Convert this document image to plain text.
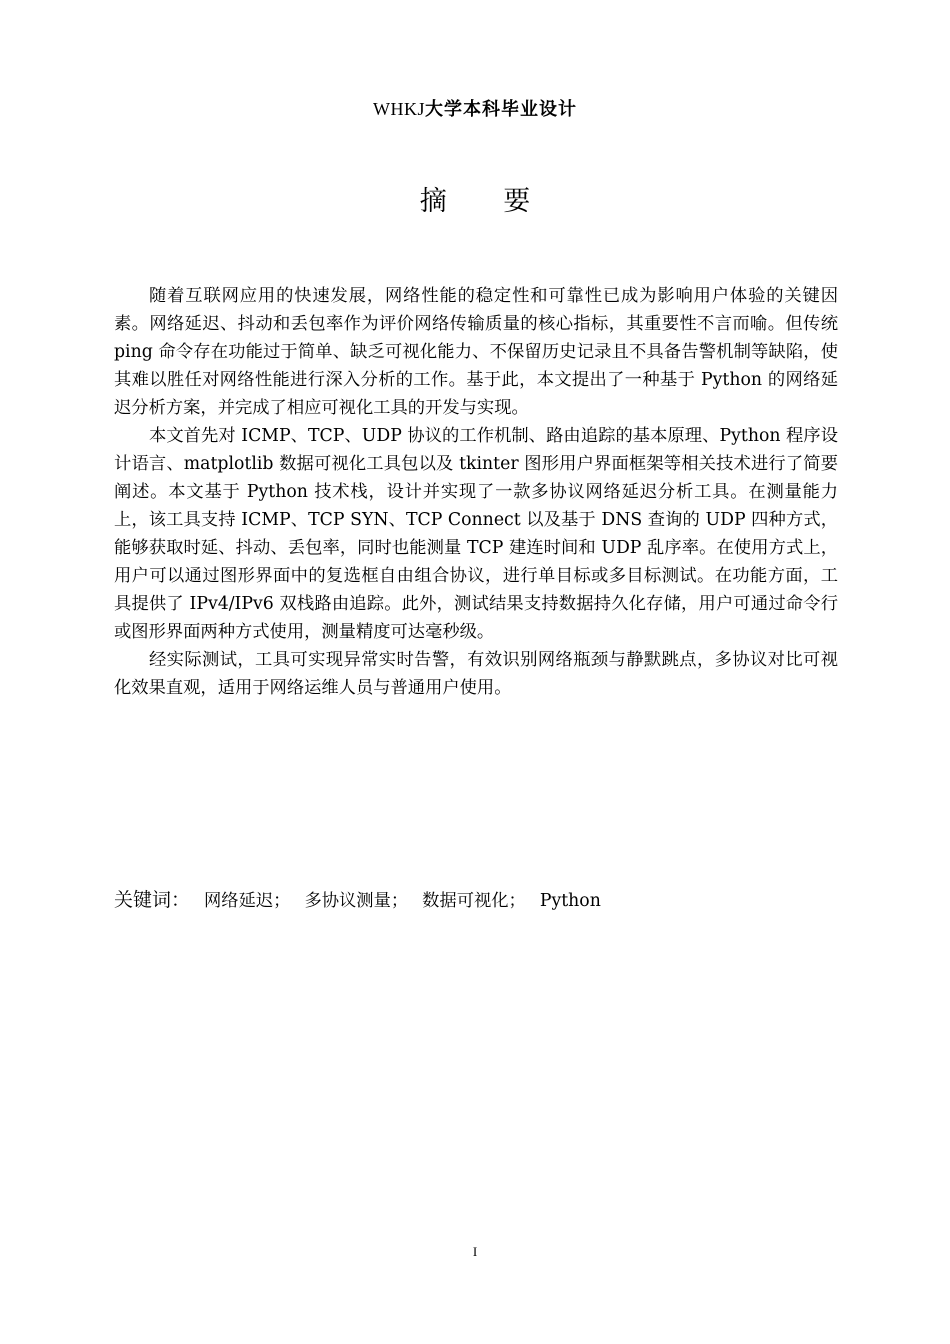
WHKJ大学本科毕业设计
摘 要

随着互联网应用的快速发展，网络性能的稳定性和可靠性已成为影响用户体验的关键因素。网络延迟、抖动和丢包率作为评价网络传输质量的核心指标，其重要性不言而喻。但传统 ping 命令存在功能过于简单、缺乏可视化能力、不保留历史记录且不具备告警机制等缺陷，使其难以胜任对网络性能进行深入分析的工作。基于此，本文提出了一种基于 Python 的网络延迟分析方案，并完成了相应可视化工具的开发与实现。

本文首先对 ICMP、TCP、UDP 协议的工作机制、路由追踪的基本原理、Python 程序设计语言、matplotlib 数据可视化工具包以及 tkinter 图形用户界面框架等相关技术进行了简要阐述。本文基于 Python 技术栈，设计并实现了一款多协议网络延迟分析工具。在测量能力上，该工具支持 ICMP、TCP SYN、TCP Connect 以及基于 DNS 查询的 UDP 四种方式，能够获取时延、抖动、丢包率，同时也能测量 TCP 建连时间和 UDP 乱序率。在使用方式上，用户可以通过图形界面中的复选框自由组合协议，进行单目标或多目标测试。在功能方面，工具提供了 IPv4/IPv6 双栈路由追踪。此外，测试结果支持数据持久化存储，用户可通过命令行或图形界面两种方式使用，测量精度可达毫秒级。

经实际测试，工具可实现异常实时告警，有效识别网络瓶颈与静默跳点，多协议对比可视化效果直观，适用于网络运维人员与普通用户使用。

关键词： 网络延迟； 多协议测量； 数据可视化； Python
I
